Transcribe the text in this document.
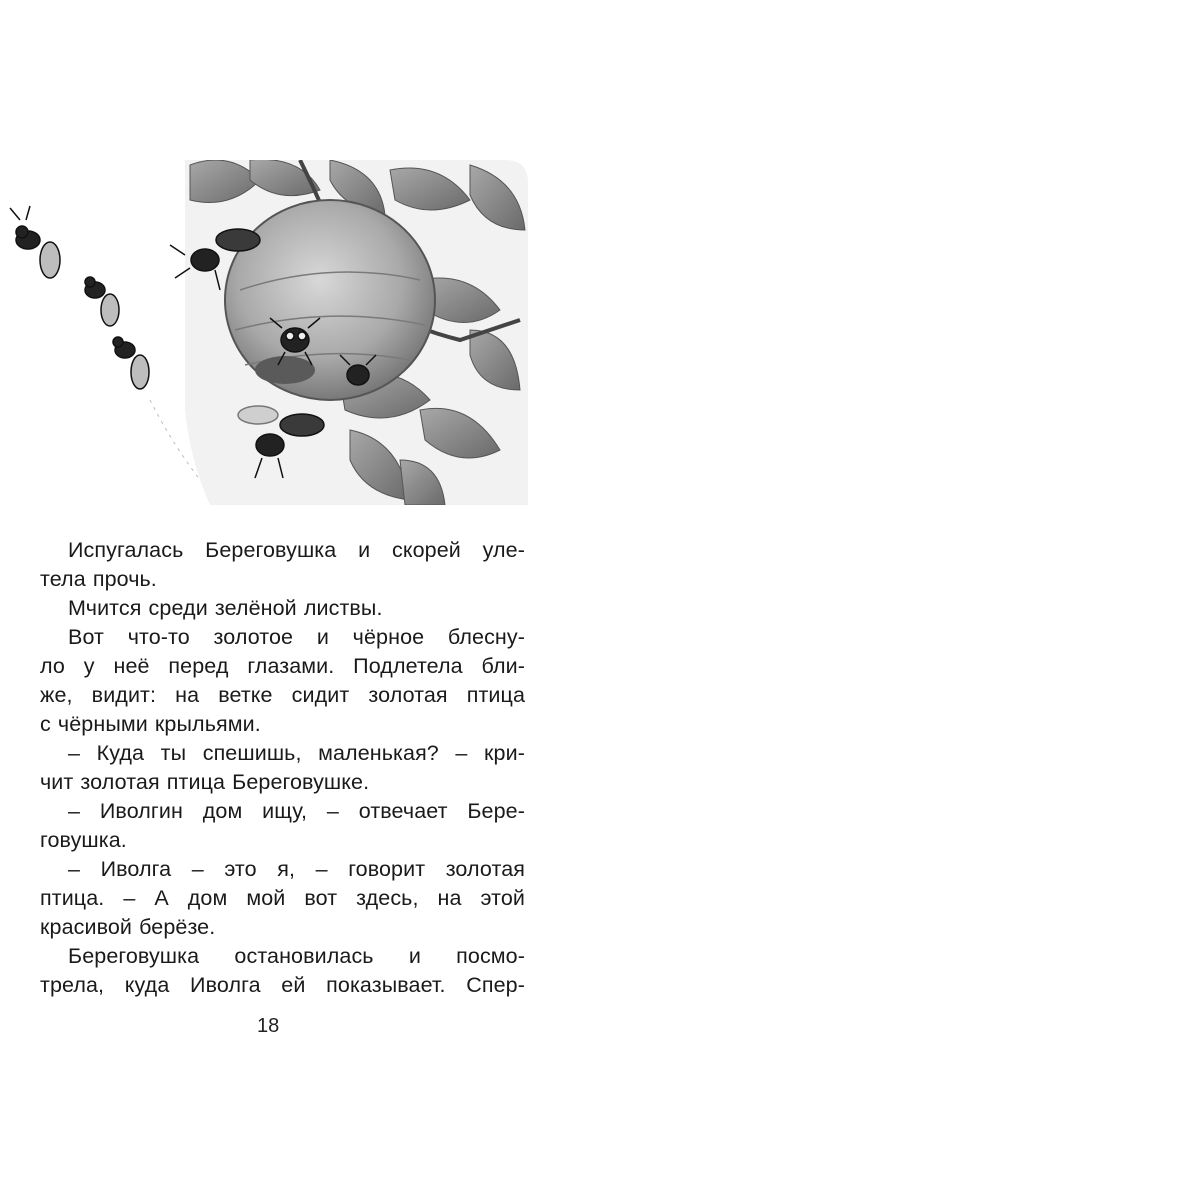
Испугалась Береговушка и скорей уле-
тела прочь.
Мчится среди зелёной листвы.
Вот что-то золотое и чёрное блесну-
ло у неё перед глазами. Подлетела бли-
же, видит: на ветке сидит золотая птица
с чёрными крыльями.
– Куда ты спешишь, маленькая? – кри-
чит золотая птица Береговушке.
– Иволгин дом ищу, – отвечает Бере-
говушка.
– Иволга – это я, – говорит золотая
птица. – А дом мой вот здесь, на этой
красивой берёзе.
Береговушка остановилась и посмо-
трела, куда Иволга ей показывает. Спер-
18
